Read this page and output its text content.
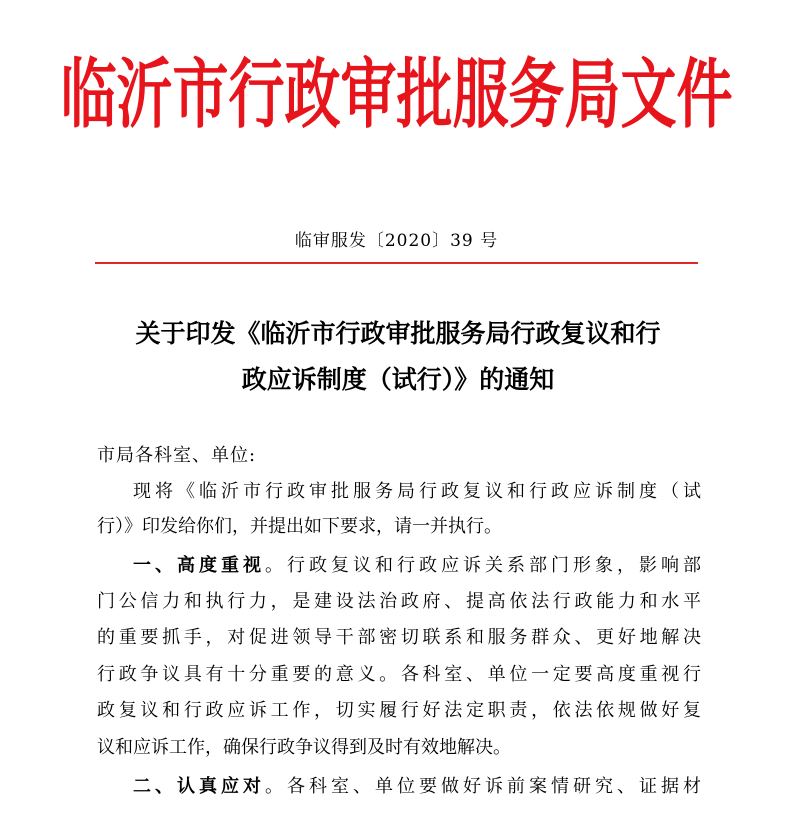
临沂市行政审批服务局文件
临审服发〔2020〕39 号
关于印发《临沂市行政审批服务局行政复议和行
政应诉制度（试行）》的通知
市局各科室、单位:
现将《临沂市行政审批服务局行政复议和行政应诉制度（试
行）》印发给你们，并提出如下要求，请一并执行。
一、高度重视。行政复议和行政应诉关系部门形象，影响部
门公信力和执行力，是建设法治政府、提高依法行政能力和水平
的重要抓手，对促进领导干部密切联系和服务群众、更好地解决
行政争议具有十分重要的意义。各科室、单位一定要高度重视行
政复议和行政应诉工作，切实履行好法定职责，依法依规做好复
议和应诉工作，确保行政争议得到及时有效地解决。
二、认真应对。各科室、单位要做好诉前案情研究、证据材
